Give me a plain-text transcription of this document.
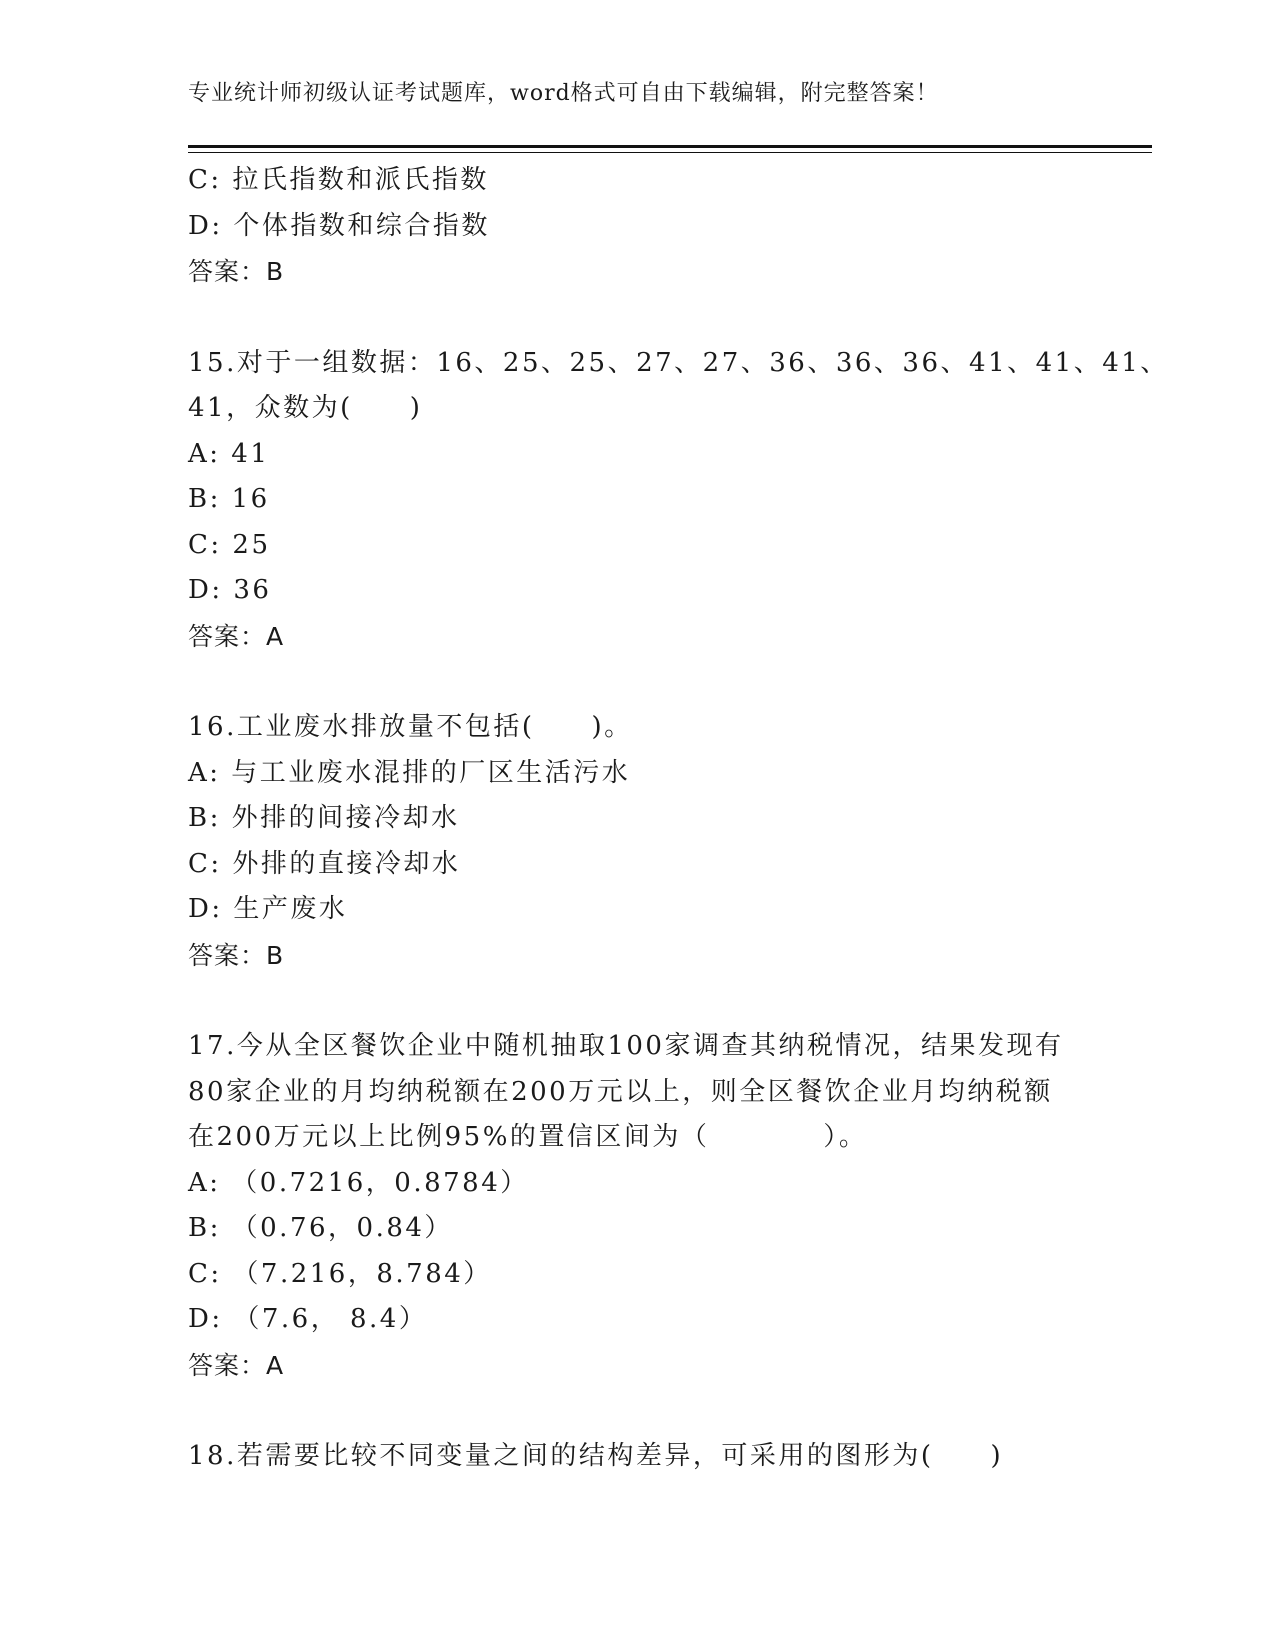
专业统计师初级认证考试题库，word格式可自由下载编辑，附完整答案！
C: 拉氏指数和派氏指数
D: 个体指数和综合指数
答案：B
15.对于一组数据：16、25、25、27、27、36、36、36、41、41、41、
41，众数为(　　)
A: 41
B: 16
C: 25
D: 36
答案：A
16.工业废水排放量不包括(　　)。
A: 与工业废水混排的厂区生活污水
B: 外排的间接冷却水
C: 外排的直接冷却水
D: 生产废水
答案：B
17.今从全区餐饮企业中随机抽取100家调查其纳税情况，结果发现有
80家企业的月均纳税额在200万元以上，则全区餐饮企业月均纳税额
在200万元以上比例95%的置信区间为（　　　　）。
A: （0.7216，0.8784）
B: （0.76，0.84）
C: （7.216，8.784）
D: （7.6， 8.4）
答案：A
18.若需要比较不同变量之间的结构差异，可采用的图形为(　　)
